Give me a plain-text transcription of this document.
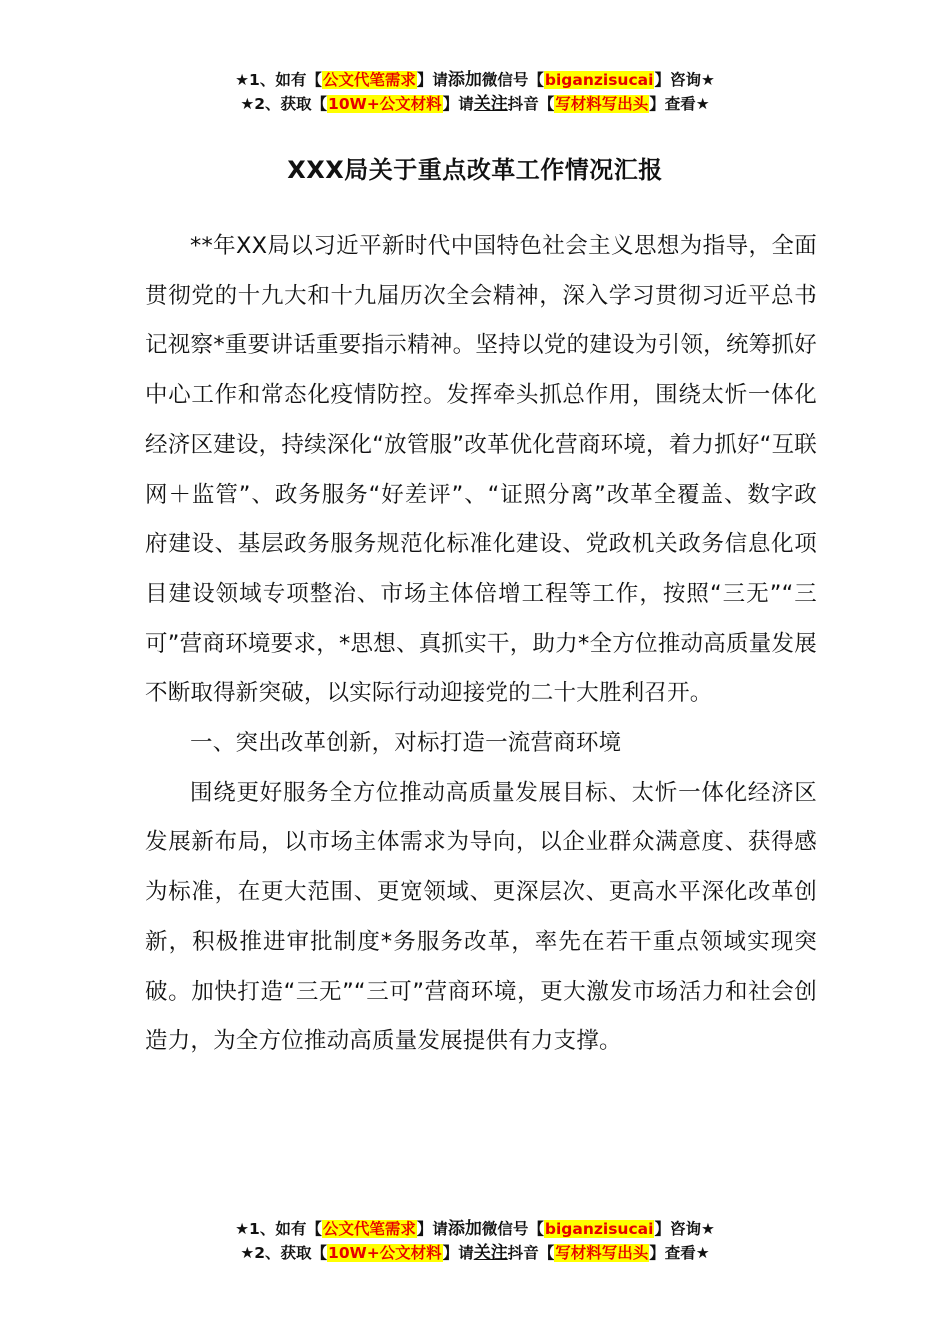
★1、如有【公文代笔需求】请添加微信号【biganzisucai】咨询★
★2、获取【10W+公文材料】请关注抖音【写材料写出头】查看★
XXX局关于重点改革工作情况汇报

**年XX局以习近平新时代中国特色社会主义思想为指导，全面贯彻党的十九大和十九届历次全会精神，深入学习贯彻习近平总书记视察*重要讲话重要指示精神。坚持以党的建设为引领，统筹抓好中心工作和常态化疫情防控。发挥牵头抓总作用，围绕太忻一体化经济区建设，持续深化“放管服”改革优化营商环境，着力抓好“互联网＋监管”、政务服务“好差评”、“证照分离”改革全覆盖、数字政府建设、基层政务服务规范化标准化建设、党政机关政务信息化项目建设领域专项整治、市场主体倍增工程等工作，按照“三无”“三可”营商环境要求，*思想、真抓实干，助力*全方位推动高质量发展不断取得新突破，以实际行动迎接党的二十大胜利召开。

一、突出改革创新，对标打造一流营商环境

围绕更好服务全方位推动高质量发展目标、太忻一体化经济区发展新布局，以市场主体需求为导向，以企业群众满意度、获得感为标准，在更大范围、更宽领域、更深层次、更高水平深化改革创新，积极推进审批制度*务服务改革，率先在若干重点领域实现突破。加快打造“三无”“三可”营商环境，更大激发市场活力和社会创造力，为全方位推动高质量发展提供有力支撑。

★1、如有【公文代笔需求】请添加微信号【biganzisucai】咨询★
★2、获取【10W+公文材料】请关注抖音【写材料写出头】查看★
